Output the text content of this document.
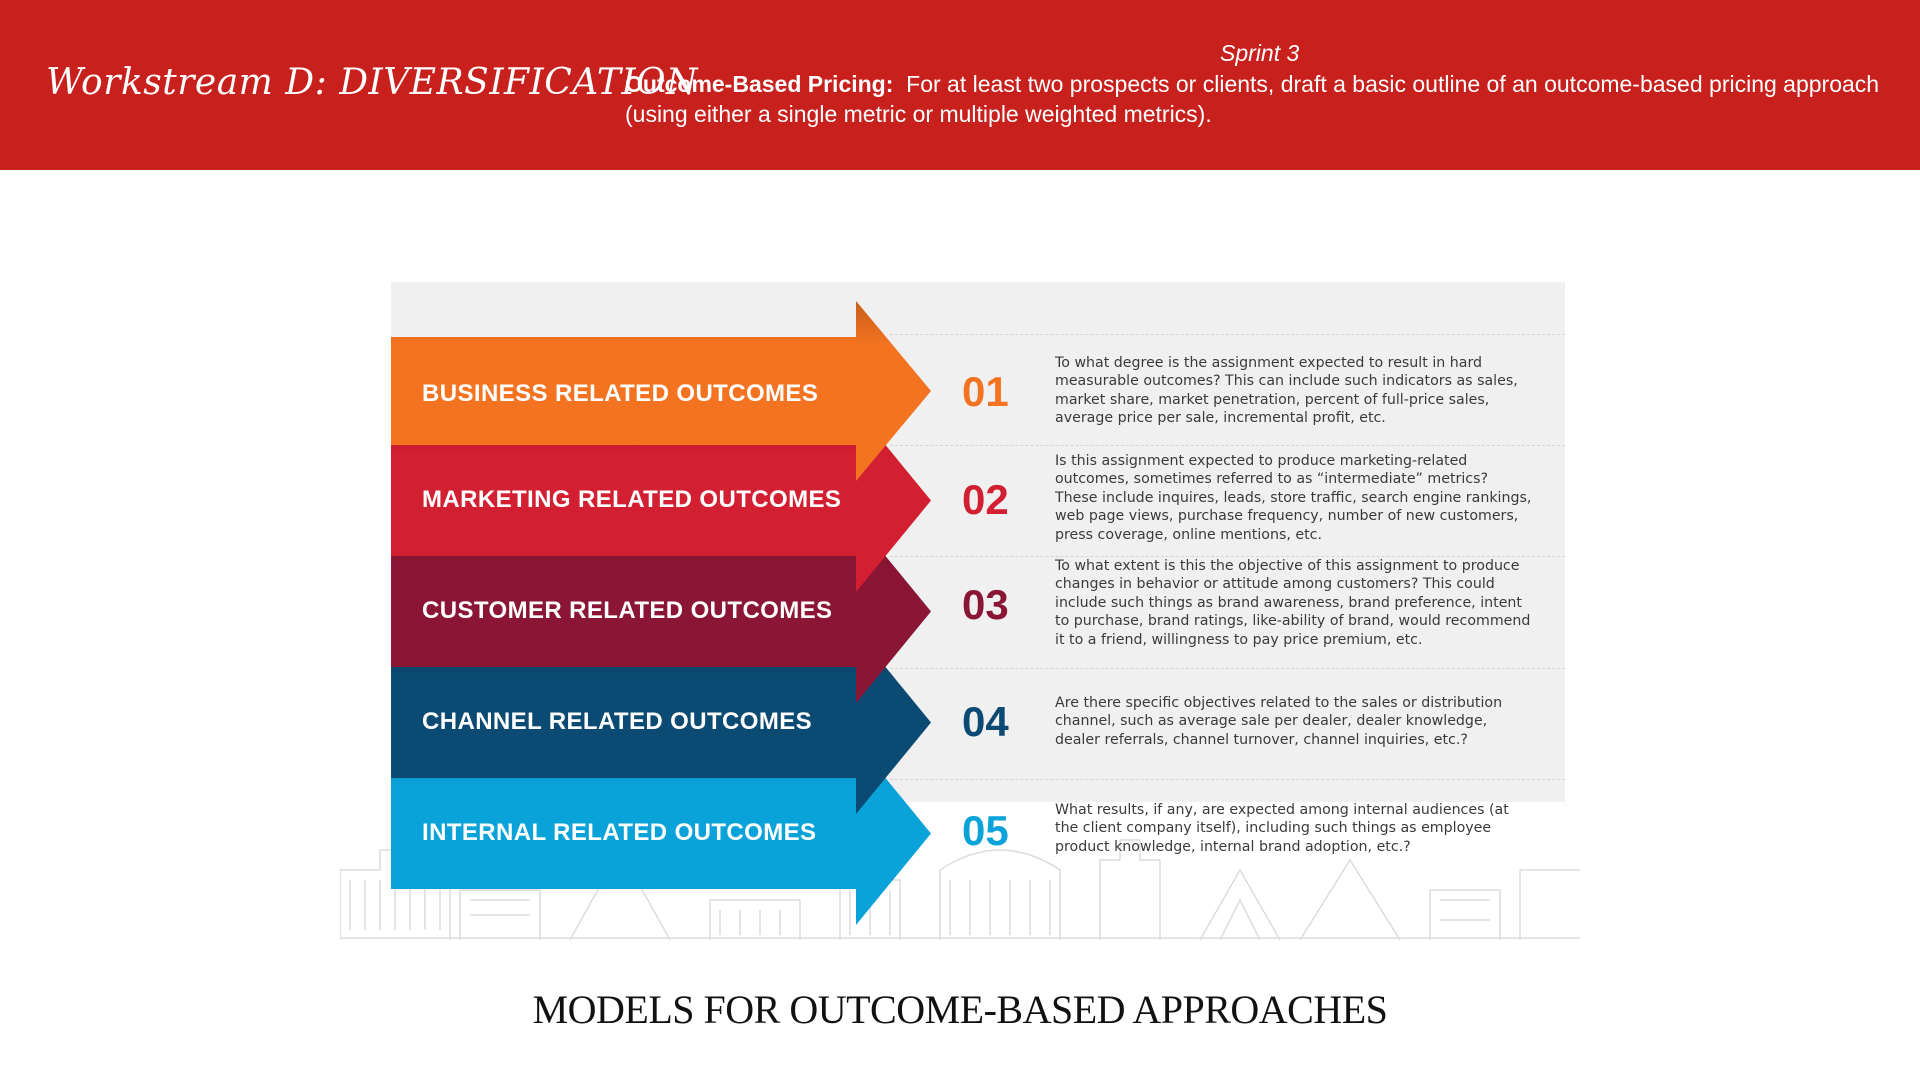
Workstream D: DIVERSIFICATION
Sprint 3
Outcome-Based Pricing: For at least two prospects or clients, draft a basic outline of an outcome-based pricing approach (using either a single metric or multiple weighted metrics).
BUSINESS RELATED OUTCOMES
MARKETING RELATED OUTCOMES
CUSTOMER RELATED OUTCOMES
CHANNEL RELATED OUTCOMES
INTERNAL RELATED OUTCOMES
01
02
03
04
05
To what degree is the assignment expected to result in hard measurable outcomes? This can include such indicators as sales, market share, market penetration, percent of full-price sales, average price per sale, incremental profit, etc.
Is this assignment expected to produce marketing-related outcomes, sometimes referred to as “intermediate” metrics? These include inquires, leads, store traffic, search engine rankings, web page views, purchase frequency, number of new customers, press coverage, online mentions, etc.
To what extent is this the objective of this assignment to produce changes in behavior or attitude among customers? This could include such things as brand awareness, brand preference, intent to purchase, brand ratings, like-ability of brand, would recommend it to a friend, willingness to pay price premium, etc.
Are there specific objectives related to the sales or distribution channel, such as average sale per dealer, dealer knowledge, dealer referrals, channel turnover, channel inquiries, etc.?
What results, if any, are expected among internal audiences (at the client company itself), including such things as employee product knowledge, internal brand adoption, etc.?
MODELS FOR OUTCOME-BASED APPROACHES
